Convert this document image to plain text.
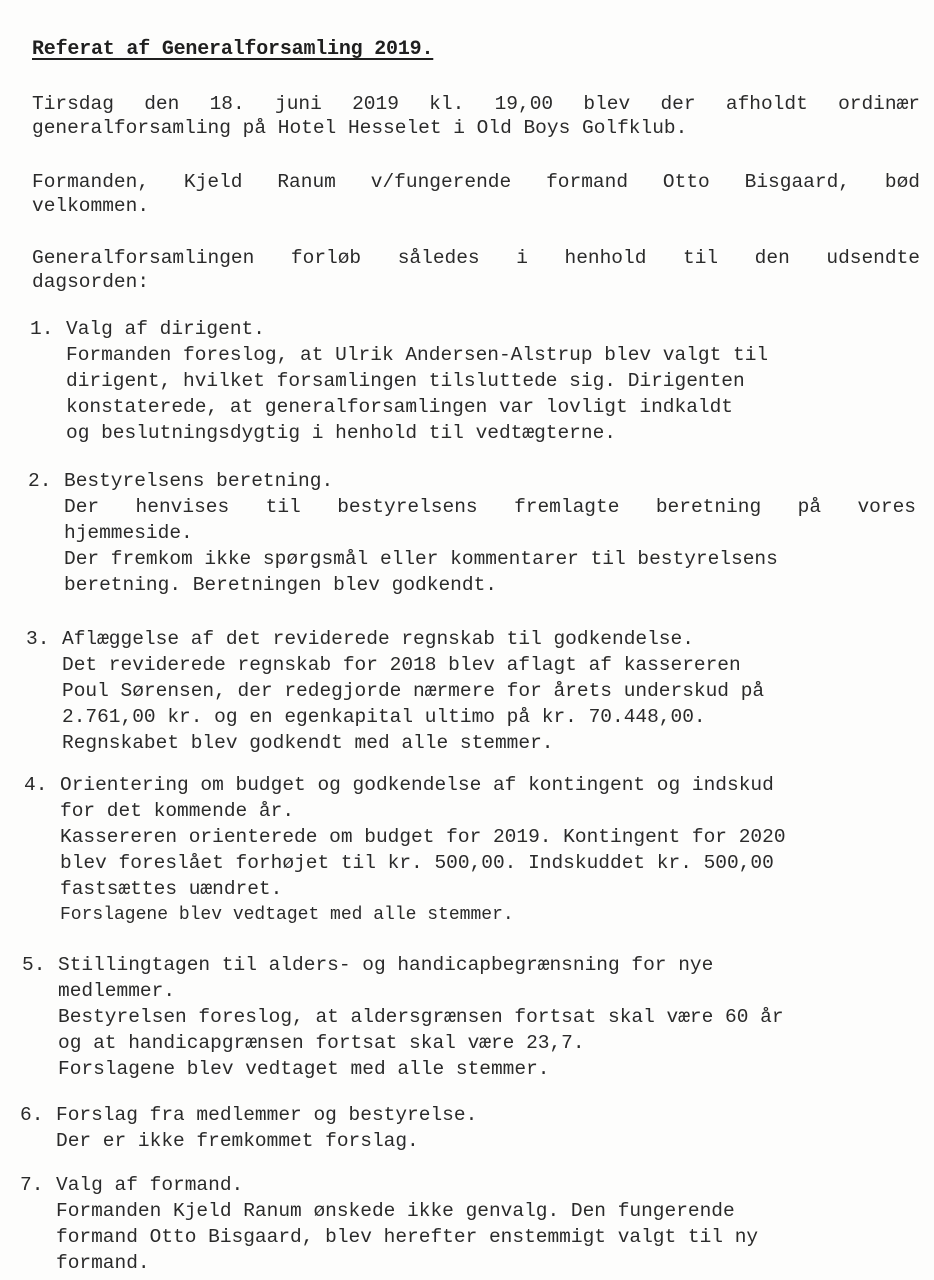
Referat af Generalforsamling 2019.
Tirsdag den 18. juni 2019 kl. 19,00 blev der afholdt ordinær
generalforsamling på Hotel Hesselet i Old Boys Golfklub.
Formanden, Kjeld Ranum v/fungerende formand Otto Bisgaard, bød
velkommen.
Generalforsamlingen forløb således i henhold til den udsendte
dagsorden:
1. Valg af dirigent.
Formanden foreslog, at Ulrik Andersen-Alstrup blev valgt til
dirigent, hvilket forsamlingen tilsluttede sig. Dirigenten
konstaterede, at generalforsamlingen var lovligt indkaldt
og beslutningsdygtig i henhold til vedtægterne.
2. Bestyrelsens beretning.
Der henvises til bestyrelsens fremlagte beretning på vores
hjemmeside.
Der fremkom ikke spørgsmål eller kommentarer til bestyrelsens
beretning. Beretningen blev godkendt.
3. Aflæggelse af det reviderede regnskab til godkendelse.
Det reviderede regnskab for 2018 blev aflagt af kassereren
Poul Sørensen, der redegjorde nærmere for årets underskud på
2.761,00 kr. og en egenkapital ultimo på kr. 70.448,00.
Regnskabet blev godkendt med alle stemmer.
4. Orientering om budget og godkendelse af kontingent og indskud
for det kommende år.
Kassereren orienterede om budget for 2019. Kontingent for 2020
blev foreslået forhøjet til kr. 500,00. Indskuddet kr. 500,00
fastsættes uændret.
Forslagene blev vedtaget med alle stemmer.
5. Stillingtagen til alders- og handicapbegrænsning for nye
medlemmer.
Bestyrelsen foreslog, at aldersgrænsen fortsat skal være 60 år
og at handicapgrænsen fortsat skal være 23,7.
Forslagene blev vedtaget med alle stemmer.
6. Forslag fra medlemmer og bestyrelse.
Der er ikke fremkommet forslag.
7. Valg af formand.
Formanden Kjeld Ranum ønskede ikke genvalg. Den fungerende
formand Otto Bisgaard, blev herefter enstemmigt valgt til ny
formand.
